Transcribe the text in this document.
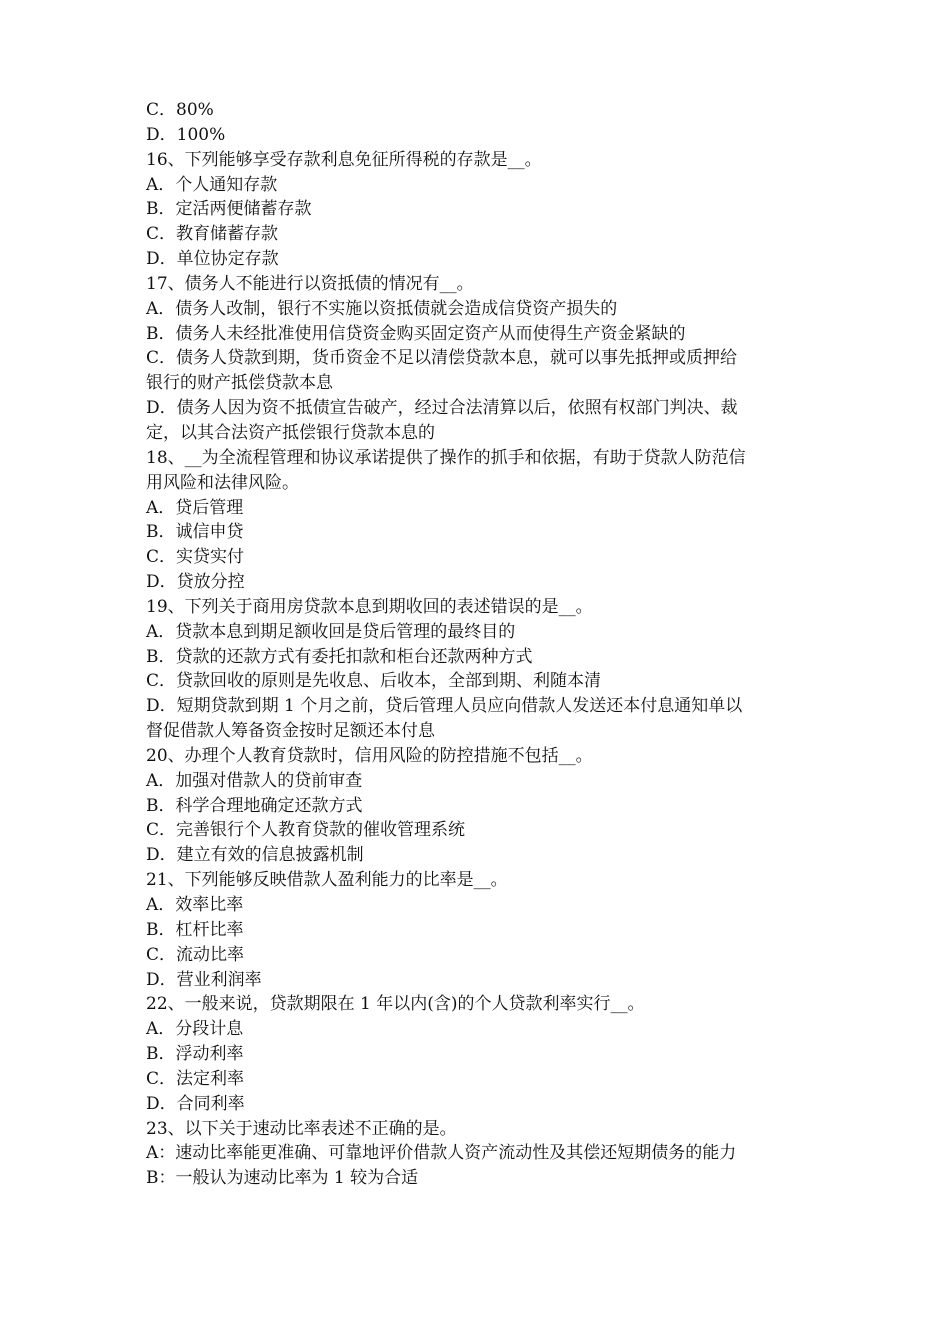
C．80%
D．100%
16、下列能够享受存款利息免征所得税的存款是__。
A．个人通知存款
B．定活两便储蓄存款
C．教育储蓄存款
D．单位协定存款
17、债务人不能进行以资抵债的情况有__。
A．债务人改制，银行不实施以资抵债就会造成信贷资产损失的
B．债务人未经批准使用信贷资金购买固定资产从而使得生产资金紧缺的
C．债务人贷款到期，货币资金不足以清偿贷款本息，就可以事先抵押或质押给
银行的财产抵偿贷款本息
D．债务人因为资不抵债宣告破产，经过合法清算以后，依照有权部门判决、裁
定，以其合法资产抵偿银行贷款本息的
18、__为全流程管理和协议承诺提供了操作的抓手和依据，有助于贷款人防范信
用风险和法律风险。
A．贷后管理
B．诚信申贷
C．实贷实付
D．贷放分控
19、下列关于商用房贷款本息到期收回的表述错误的是__。
A．贷款本息到期足额收回是贷后管理的最终目的
B．贷款的还款方式有委托扣款和柜台还款两种方式
C．贷款回收的原则是先收息、后收本，全部到期、利随本清
D．短期贷款到期 1 个月之前，贷后管理人员应向借款人发送还本付息通知单以
督促借款人筹备资金按时足额还本付息
20、办理个人教育贷款时，信用风险的防控措施不包括__。
A．加强对借款人的贷前审查
B．科学合理地确定还款方式
C．完善银行个人教育贷款的催收管理系统
D．建立有效的信息披露机制
21、下列能够反映借款人盈利能力的比率是__。
A．效率比率
B．杠杆比率
C．流动比率
D．营业利润率
22、一般来说，贷款期限在 1 年以内(含)的个人贷款利率实行__。
A．分段计息
B．浮动利率
C．法定利率
D．合同利率
23、以下关于速动比率表述不正确的是。
A：速动比率能更准确、可靠地评价借款人资产流动性及其偿还短期债务的能力
B：一般认为速动比率为 1 较为合适
